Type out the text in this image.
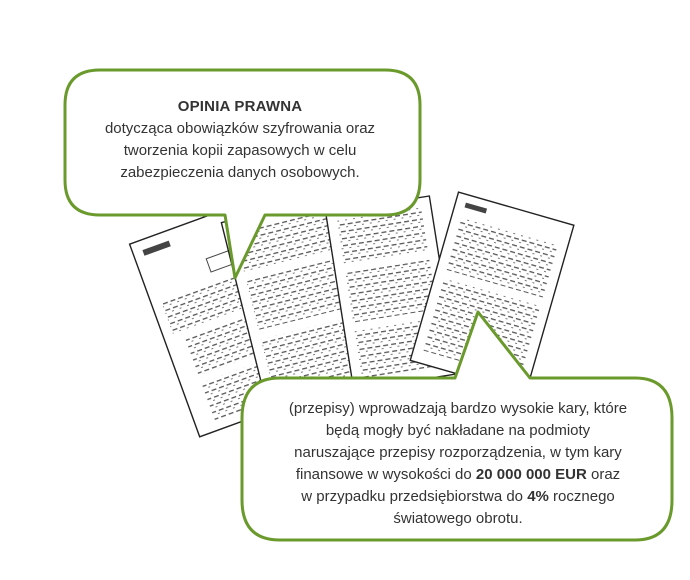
OPINIA PRAWNA
dotycząca obowiązków szyfrowania oraz
tworzenia kopii zapasowych w celu
zabezpieczenia danych osobowych.
(przepisy) wprowadzają bardzo wysokie kary, które
będą mogły być nakładane na podmioty
naruszające przepisy rozporządzenia, w tym kary
finansowe w wysokości do 20 000 000 EUR oraz
w przypadku przedsiębiorstwa do 4% rocznego
światowego obrotu.
